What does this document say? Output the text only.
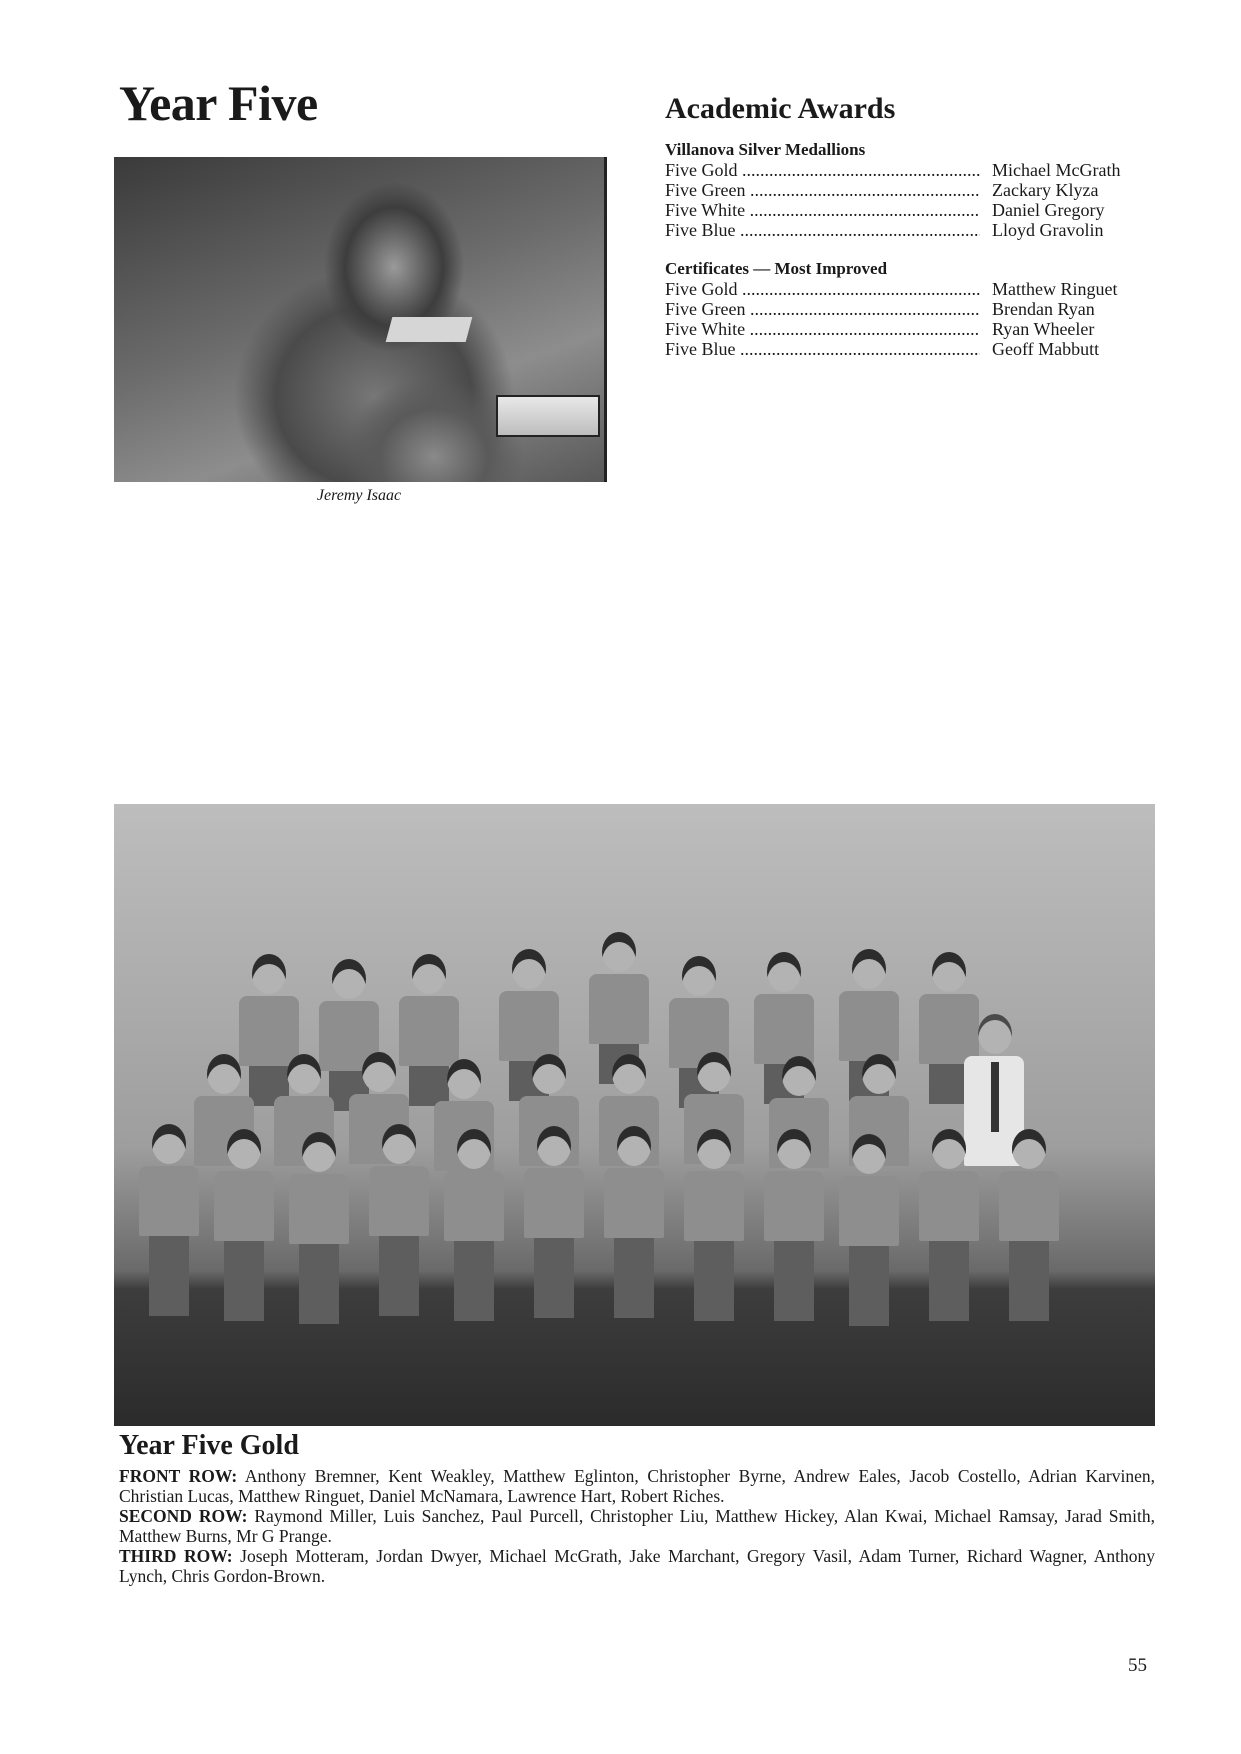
Year Five
Jeremy Isaac
Academic Awards
Villanova Silver Medallions
Five Gold .....	Michael McGrath
Five Green .....	Zackary Klyza
Five White .....	Daniel Gregory
Five Blue .....	Lloyd Gravolin
Certificates — Most Improved
Five Gold .....	Matthew Ringuet
Five Green .....	Brendan Ryan
Five White .....	Ryan Wheeler
Five Blue .....	Geoff Mabbutt
Year Five Gold

FRONT ROW: Anthony Bremner, Kent Weakley, Matthew Eglinton, Christopher Byrne, Andrew Eales, Jacob Costello, Adrian Karvinen, Christian Lucas, Matthew Ringuet, Daniel McNamara, Lawrence Hart, Robert Riches.

SECOND ROW: Raymond Miller, Luis Sanchez, Paul Purcell, Christopher Liu, Matthew Hickey, Alan Kwai, Michael Ramsay, Jarad Smith, Matthew Burns, Mr G Prange.

THIRD ROW: Joseph Motteram, Jordan Dwyer, Michael McGrath, Jake Marchant, Gregory Vasil, Adam Turner, Richard Wagner, Anthony Lynch, Chris Gordon-Brown.

55
